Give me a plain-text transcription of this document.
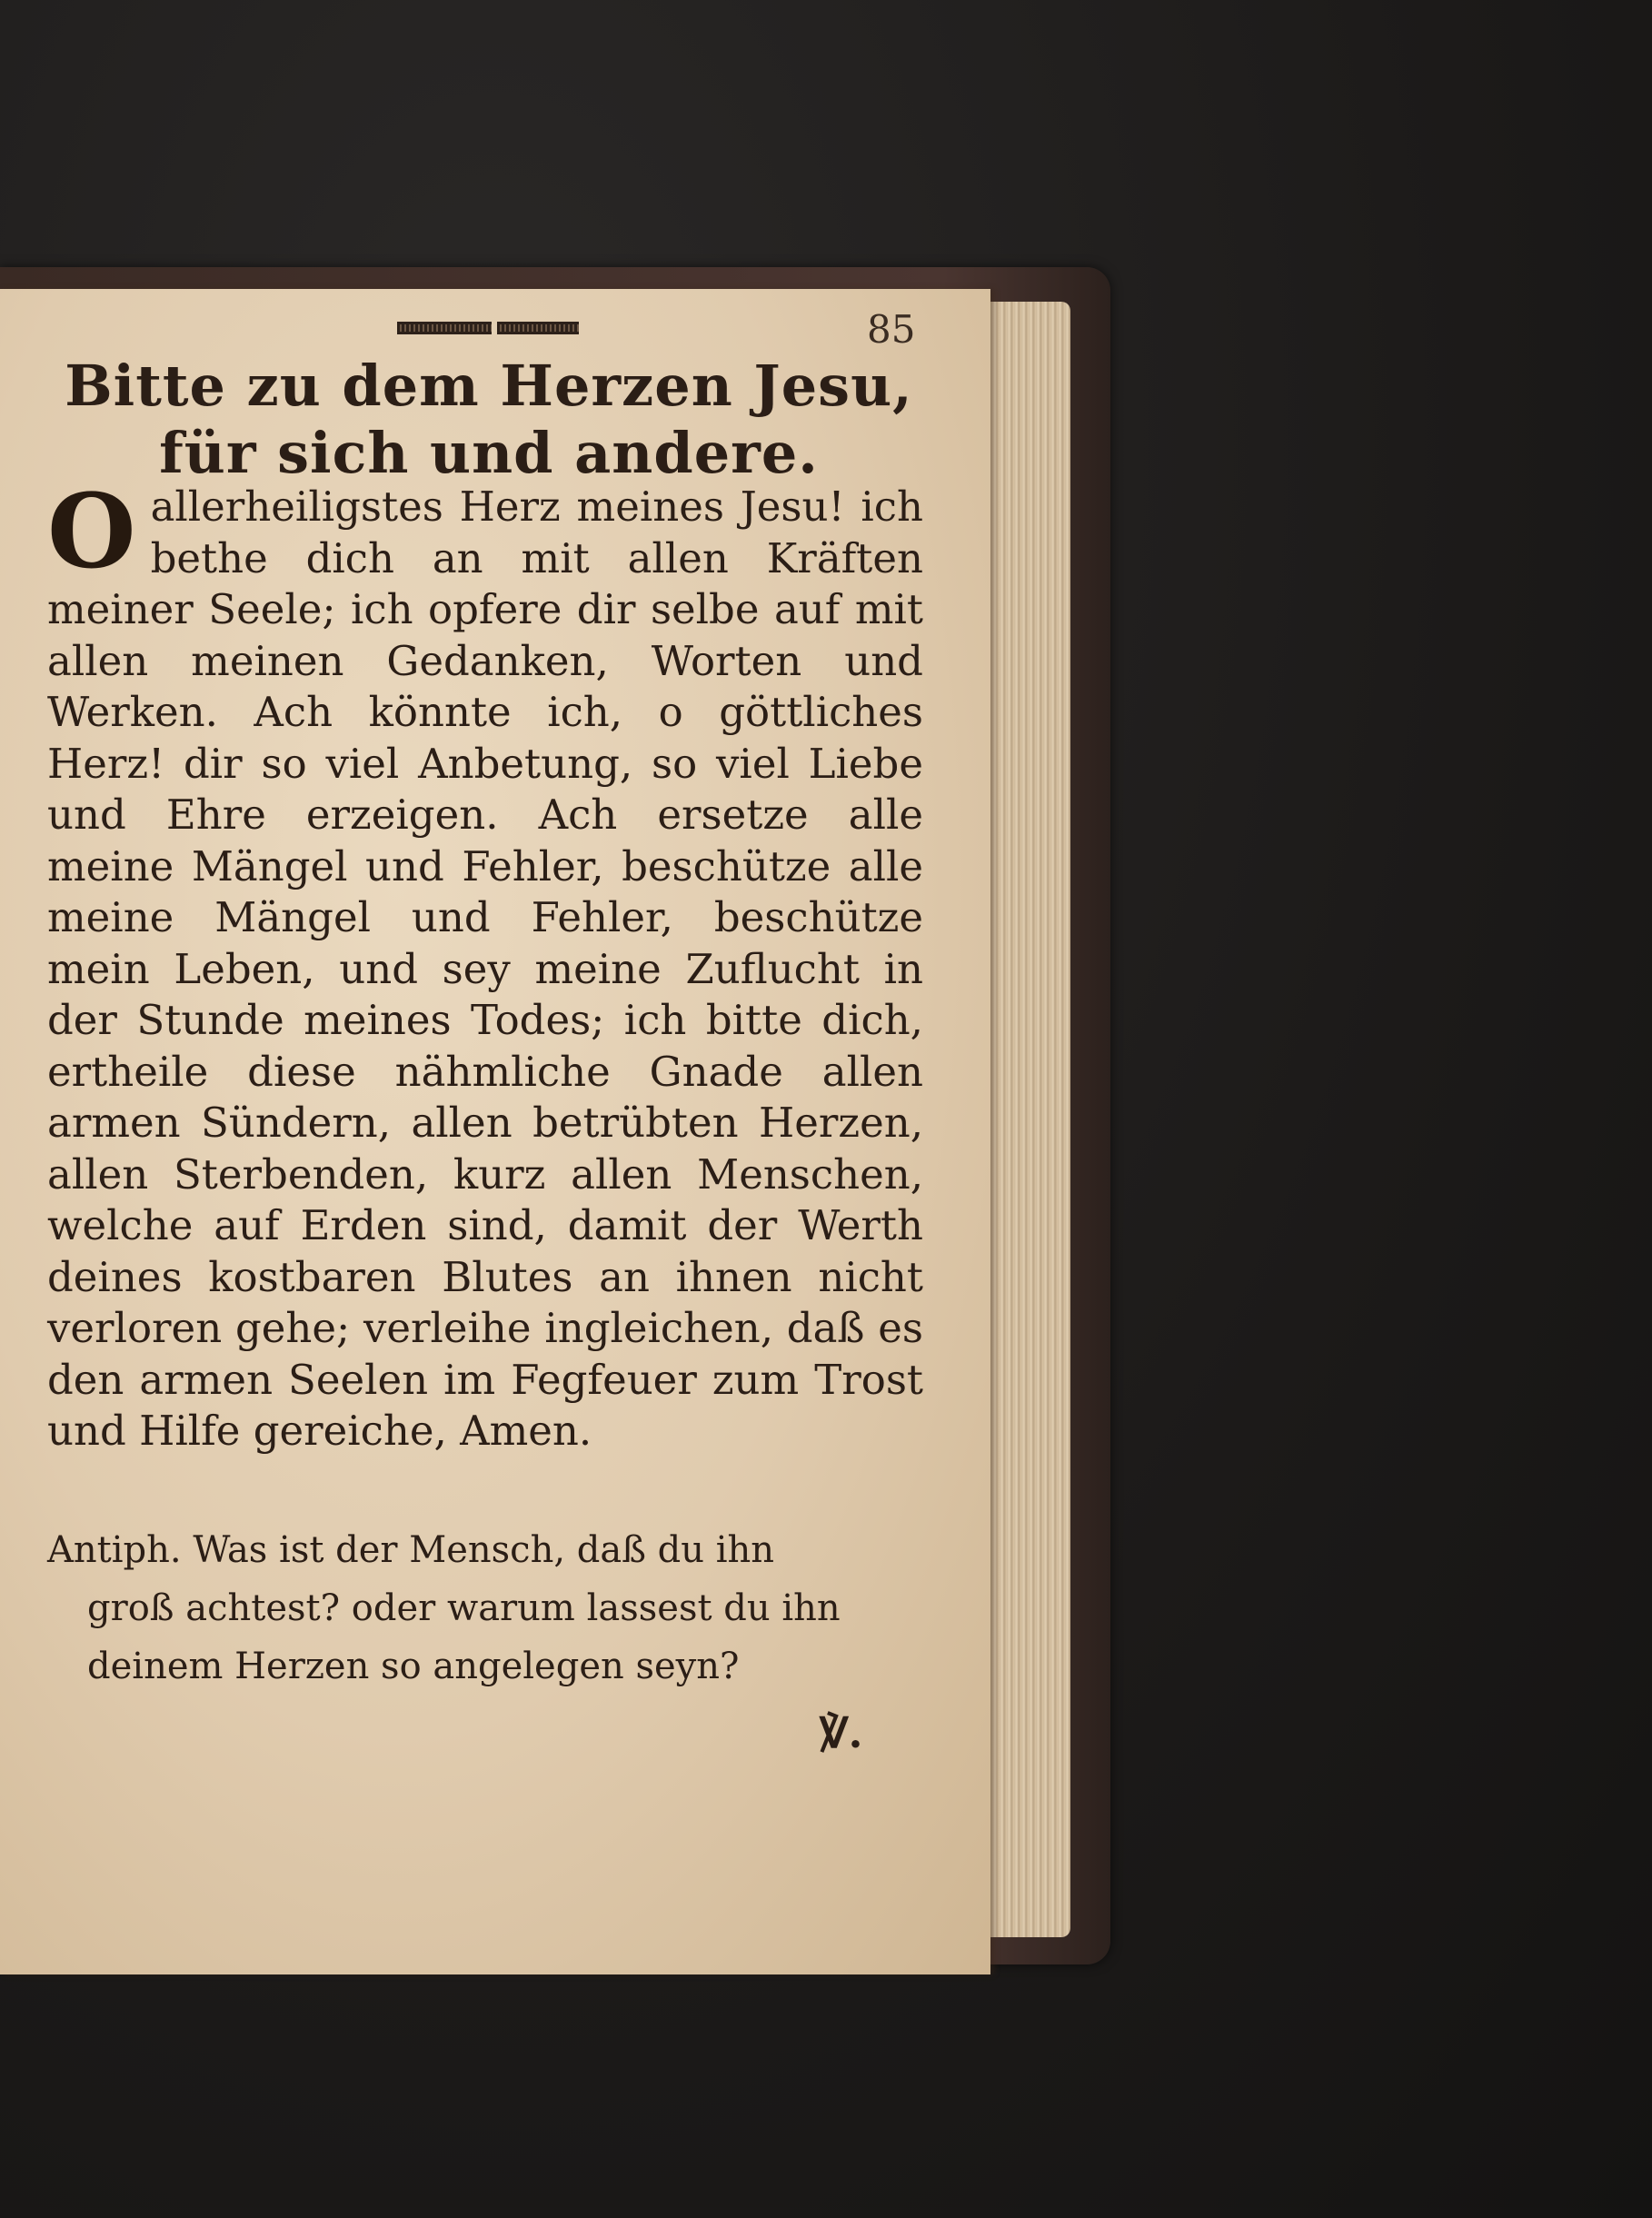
85
Bitte zu dem Herzen Jesu, für sich und andere.
O allerheiligstes Herz meines Jesu! ich bethe dich an mit allen Kräften meiner Seele; ich opfere dir selbe auf mit allen meinen Gedanken, Worten und Werken. Ach könnte ich, o göttliches Herz! dir so viel Anbetung, so viel Liebe und Ehre erzeigen. Ach ersetze alle meine Mängel und Fehler, beschütze alle meine Mängel und Fehler, beschütze mein Leben, und sey meine Zuflucht in der Stunde meines Todes; ich bitte dich, ertheile diese nähmliche Gnade allen armen Sündern, allen betrübten Herzen, allen Sterbenden, kurz allen Menschen, welche auf Erden sind, damit der Werth deines kostbaren Blutes an ihnen nicht verloren gehe; verleihe ingleichen, daß es den armen Seelen im Fegfeuer zum Trost und Hilfe gereiche, Amen.
Antiph. Was ist der Mensch, daß du ihn
groß achtest? oder warum lassest du ihn deinem Herzen so angelegen seyn?
℣.
